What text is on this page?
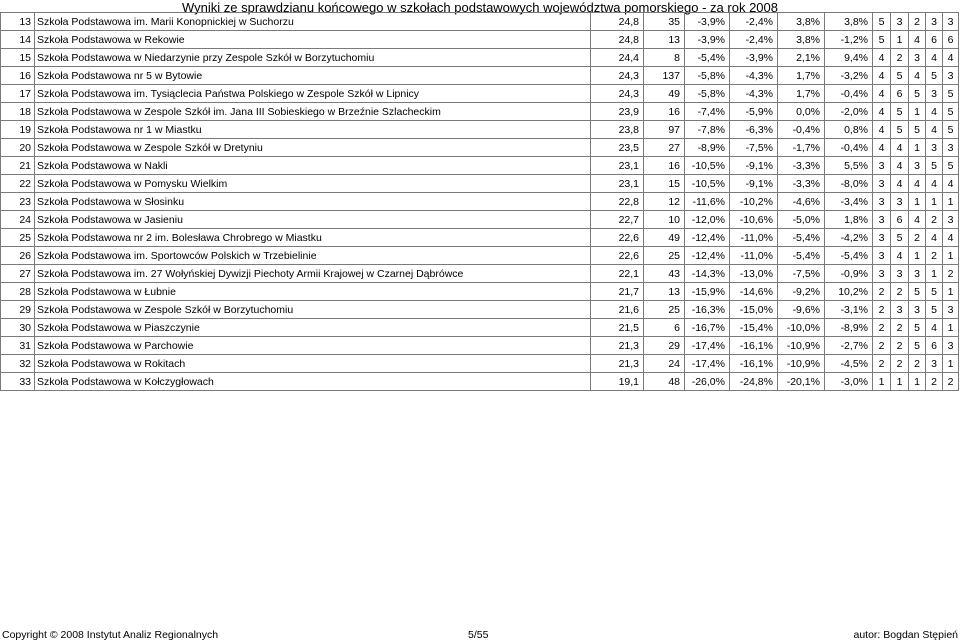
Wyniki ze sprawdzianu końcowego w szkołach podstawowych województwa pomorskiego - za rok 2008
13	Szkoła Podstawowa im. Marii Konopnickiej w Suchorzu	24,8	35	-3,9%	-2,4%	3,8%	3,8%	5	3	2	3	3
14	Szkoła Podstawowa w Rekowie	24,8	13	-3,9%	-2,4%	3,8%	-1,2%	5	1	4	6	6
15	Szkoła Podstawowa w Niedarzynie przy Zespole Szkół w Borzytuchomiu	24,4	8	-5,4%	-3,9%	2,1%	9,4%	4	2	3	4	4
16	Szkoła Podstawowa nr 5 w Bytowie	24,3	137	-5,8%	-4,3%	1,7%	-3,2%	4	5	4	5	3
17	Szkoła Podstawowa im. Tysiąclecia Państwa Polskiego w Zespole Szkół w Lipnicy	24,3	49	-5,8%	-4,3%	1,7%	-0,4%	4	6	5	3	5
18	Szkoła Podstawowa w Zespole Szkół im. Jana III Sobieskiego w Brzeźnie Szlacheckim	23,9	16	-7,4%	-5,9%	0,0%	-2,0%	4	5	1	4	5
19	Szkoła Podstawowa nr 1 w Miastku	23,8	97	-7,8%	-6,3%	-0,4%	0,8%	4	5	5	4	5
20	Szkoła Podstawowa w Zespole Szkół w Dretyniu	23,5	27	-8,9%	-7,5%	-1,7%	-0,4%	4	4	1	3	3
21	Szkoła Podstawowa w Nakli	23,1	16	-10,5%	-9,1%	-3,3%	5,5%	3	4	3	5	5
22	Szkoła Podstawowa w Pomysku Wielkim	23,1	15	-10,5%	-9,1%	-3,3%	-8,0%	3	4	4	4	4
23	Szkoła Podstawowa w Słosinku	22,8	12	-11,6%	-10,2%	-4,6%	-3,4%	3	3	1	1	1
24	Szkoła Podstawowa w Jasieniu	22,7	10	-12,0%	-10,6%	-5,0%	1,8%	3	6	4	2	3
25	Szkoła Podstawowa nr 2 im. Bolesława Chrobrego w Miastku	22,6	49	-12,4%	-11,0%	-5,4%	-4,2%	3	5	2	4	4
26	Szkoła Podstawowa im. Sportowców Polskich w Trzebielinie	22,6	25	-12,4%	-11,0%	-5,4%	-5,4%	3	4	1	2	1
27	Szkoła Podstawowa im. 27 Wołyńskiej Dywizji Piechoty Armii Krajowej w Czarnej Dąbrówce	22,1	43	-14,3%	-13,0%	-7,5%	-0,9%	3	3	3	1	2
28	Szkoła Podstawowa w Łubnie	21,7	13	-15,9%	-14,6%	-9,2%	10,2%	2	2	5	5	1
29	Szkoła Podstawowa w Zespole Szkół w Borzytuchomiu	21,6	25	-16,3%	-15,0%	-9,6%	-3,1%	2	3	3	5	3
30	Szkoła Podstawowa w Piaszczynie	21,5	6	-16,7%	-15,4%	-10,0%	-8,9%	2	2	5	4	1
31	Szkoła Podstawowa w Parchowie	21,3	29	-17,4%	-16,1%	-10,9%	-2,7%	2	2	5	6	3
32	Szkoła Podstawowa w Rokitach	21,3	24	-17,4%	-16,1%	-10,9%	-4,5%	2	2	2	3	1
33	Szkoła Podstawowa w Kołczygłowach	19,1	48	-26,0%	-24,8%	-20,1%	-3,0%	1	1	1	2	2
Copyright © 2008 Instytut Analiz Regionalnych	5/55	autor: Bogdan Stępień
